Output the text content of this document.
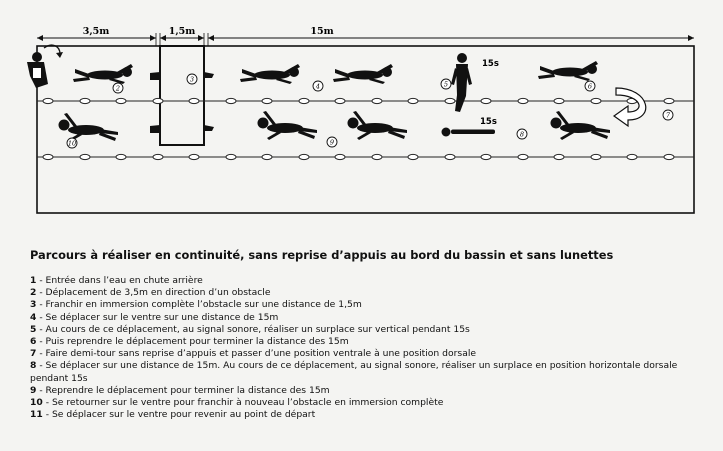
3,5m	1,5m	15m
15s
15s
2
3
4	5	6
7
8
9
10
Parcours à réaliser en continuité, sans reprise d’appuis au bord du bassin et sans lunettes
1 - Entrée dans l’eau en chute arrière
2 - Déplacement de 3,5m en direction d’un obstacle
3 - Franchir en immersion complète l’obstacle sur une distance de 1,5m
4 - Se déplacer sur le ventre sur une distance de 15m
5 - Au cours de ce déplacement, au signal sonore, réaliser un surplace sur vertical pendant 15s
6 - Puis reprendre le déplacement pour terminer la distance des 15m
7 - Faire demi-tour sans reprise d’appuis et passer d’une position ventrale à une position dorsale
8 - Se déplacer sur une distance de 15m. Au cours de ce déplacement, au signal sonore, réaliser un surplace en position horizontale dorsale pendant 15s
9 - Reprendre le déplacement pour terminer la distance des 15m
10 - Se retourner sur le ventre pour franchir à nouveau l’obstacle en immersion complète
11 - Se déplacer sur le ventre pour revenir au point de départ
